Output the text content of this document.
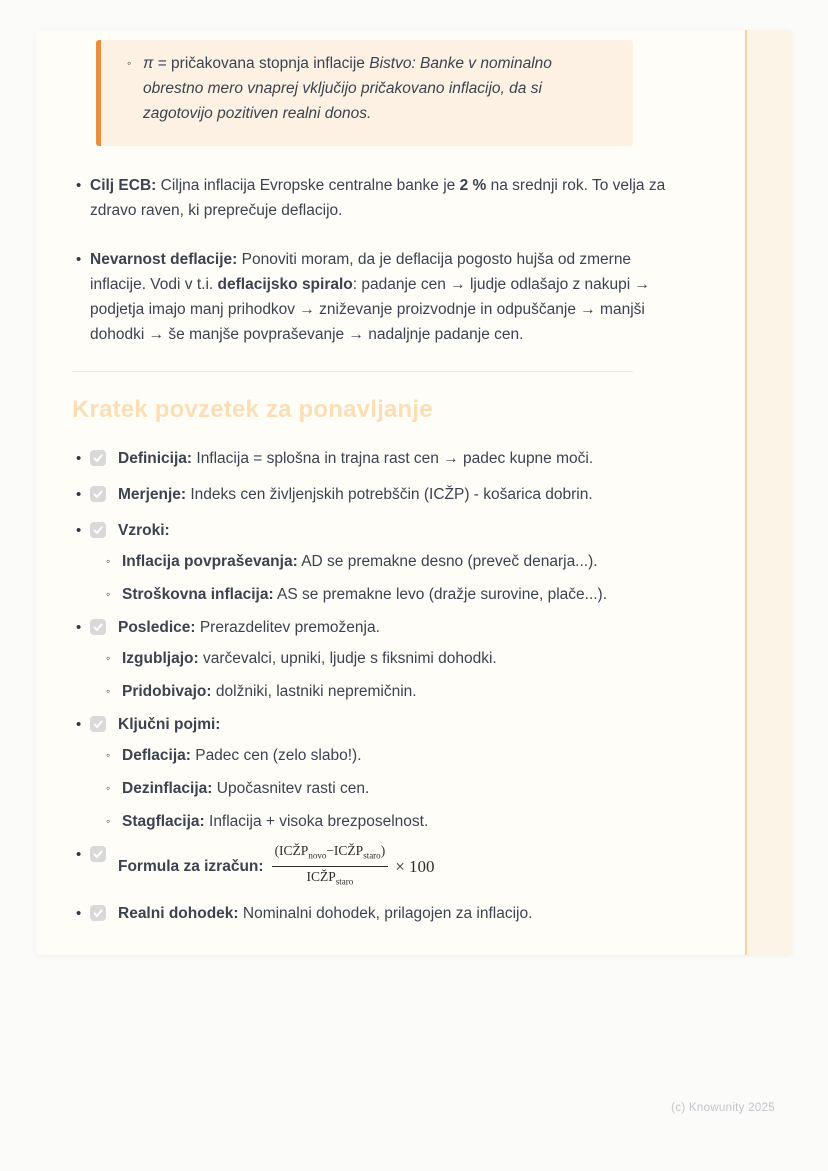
◦ π = pričakovana stopnja inflacije Bistvo: Banke v nominalno obrestno mero vnaprej vključijo pričakovano inflacijo, da si zagotovijo pozitiven realni donos.
• Cilj ECB: Ciljna inflacija Evropske centralne banke je 2 % na srednji rok. To velja za zdravo raven, ki preprečuje deflacijo.
• Nevarnost deflacije: Ponoviti moram, da je deflacija pogosto hujša od zmerne inflacije. Vodi v t.i. deflacijsko spiralo: padanje cen → ljudje odlašajo z nakupi → podjetja imajo manj prihodkov → zniževanje proizvodnje in odpuščanje → manjši dohodki → še manjše povpraševanje → nadaljnje padanje cen.
Kratek povzetek za ponavljanje
•	Definicija: Inflacija = splošna in trajna rast cen → padec kupne moči.
•	Merjenje: Indeks cen življenjskih potrebščin (ICŽP) - košarica dobrin.
•	Vzroki:
◦ Inflacija povpraševanja: AD se premakne desno (preveč denarja...).
◦ Stroškovna inflacija: AS se premakne levo (dražje surovine, plače...).
•	Posledice: Prerazdelitev premoženja.
◦ Izgubljajo: varčevalci, upniki, ljudje s fiksnimi dohodki.
◦ Pridobivajo: dolžniki, lastniki nepremičnin.
•	Ključni pojmi:
◦ Deflacija: Padec cen (zelo slabo!).
◦ Dezinflacija: Upočasnitev rasti cen.
◦ Stagflacija: Inflacija + visoka brezposelnost.
•
Formula za izračun: $\frac{(ICŽP_{novo}-ICŽP_{staro})}{ICŽP_{staro}} \times 100$
•	Realni dohodek: Nominalni dohodek, prilagojen za inflacijo.
(c) Knowunity 2025
